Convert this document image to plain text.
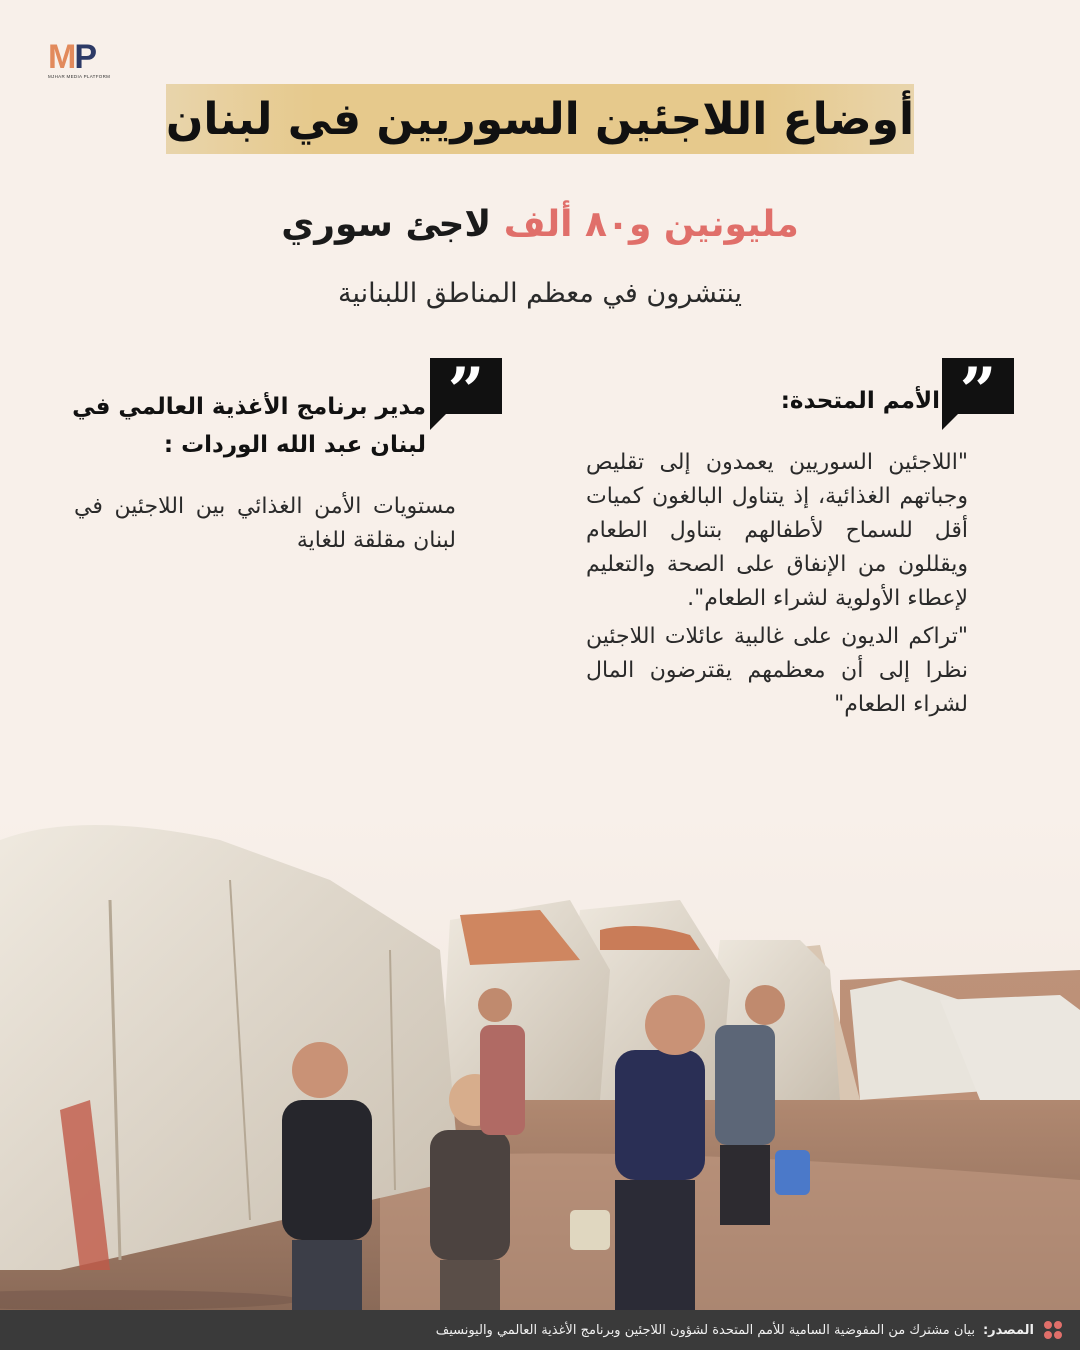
MP
MJHAR MEDIA PLATFORM
أوضاع اللاجئين السوريين في لبنان
مليونين و٨٠ ألف لاجئ سوري
ينتشرون في معظم المناطق اللبنانية
”
الأمم المتحدة:

"اللاجئين السوريين يعمدون إلى تقليص وجباتهم الغذائية، إذ يتناول البالغون كميات أقل للسماح لأطفالهم بتناول الطعام ويقللون من الإنفاق على الصحة والتعليم لإعطاء الأولوية لشراء الطعام".

"تراكم الديون على غالبية عائلات اللاجئين نظرا إلى أن معظمهم يقترضون المال لشراء الطعام"

”
مدير برنامج الأغذية العالمي في لبنان عبد الله الوردات :
مستويات الأمن الغذائي بين اللاجئين في لبنان مقلقة للغاية
المصدر:
بيان مشترك من المفوضية السامية للأمم المتحدة لشؤون اللاجئين وبرنامج الأغذية العالمي واليونسيف
